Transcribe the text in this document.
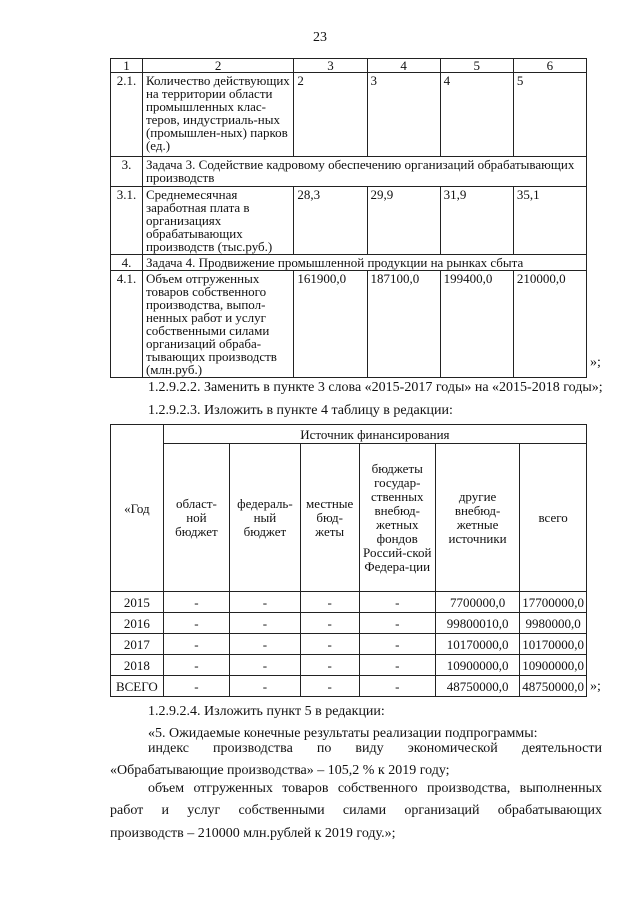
23
1	2	3	4	5	6
2.1.	Количество действующих на территории области промышленных клас-теров, индустриаль-ных (промышлен-ных) парков (ед.)	2	3	4	5
3.	Задача 3. Содействие кадровому обеспечению организаций обрабатывающих производств				
3.1.	Среднемесячная заработная плата в организациях обрабатывающих производств (тыс.руб.)	28,3	29,9	31,9	35,1
4.	Задача 4. Продвижение промышленной продукции на рынках сбыта				
4.1.	Объем отгруженных товаров собственного производства, выпол-ненных работ и услуг собственными силами организаций обраба-тывающих производств (млн.руб.)	161900,0	187100,0	199400,0	210000,0
»;
1.2.9.2.2. Заменить в пункте 3 слова «2015-2017 годы» на «2015-2018 годы»;
1.2.9.2.3. Изложить в пункте 4 таблицу в редакции:
«Год	Источник финансирования					
	област-ной бюджет	федераль-ный бюджет	местные бюд-жеты	бюджеты государ-ственных внебюд-жетных фондов Россий-ской Федера-ции	другие внебюд-жетные источники	всего
2015	-	-	-	-	7700000,0	17700000,0
2016	-	-	-	-	99800010,0	9980000,0
2017	-	-	-	-	10170000,0	10170000,0
2018	-	-	-	-	10900000,0	10900000,0
ВСЕГО	-	-	-	-	48750000,0	48750000,0 »;
1.2.9.2.4. Изложить пункт 5 в редакции:
«5. Ожидаемые конечные результаты реализации подпрограммы:
индекс производства по виду экономической деятельности
«Обрабатывающие производства» – 105,2 % к 2019 году;
объем отгруженных товаров собственного производства, выполненных
работ и услуг собственными силами организаций обрабатывающих
производств – 210000 млн.рублей к 2019 году.»;
